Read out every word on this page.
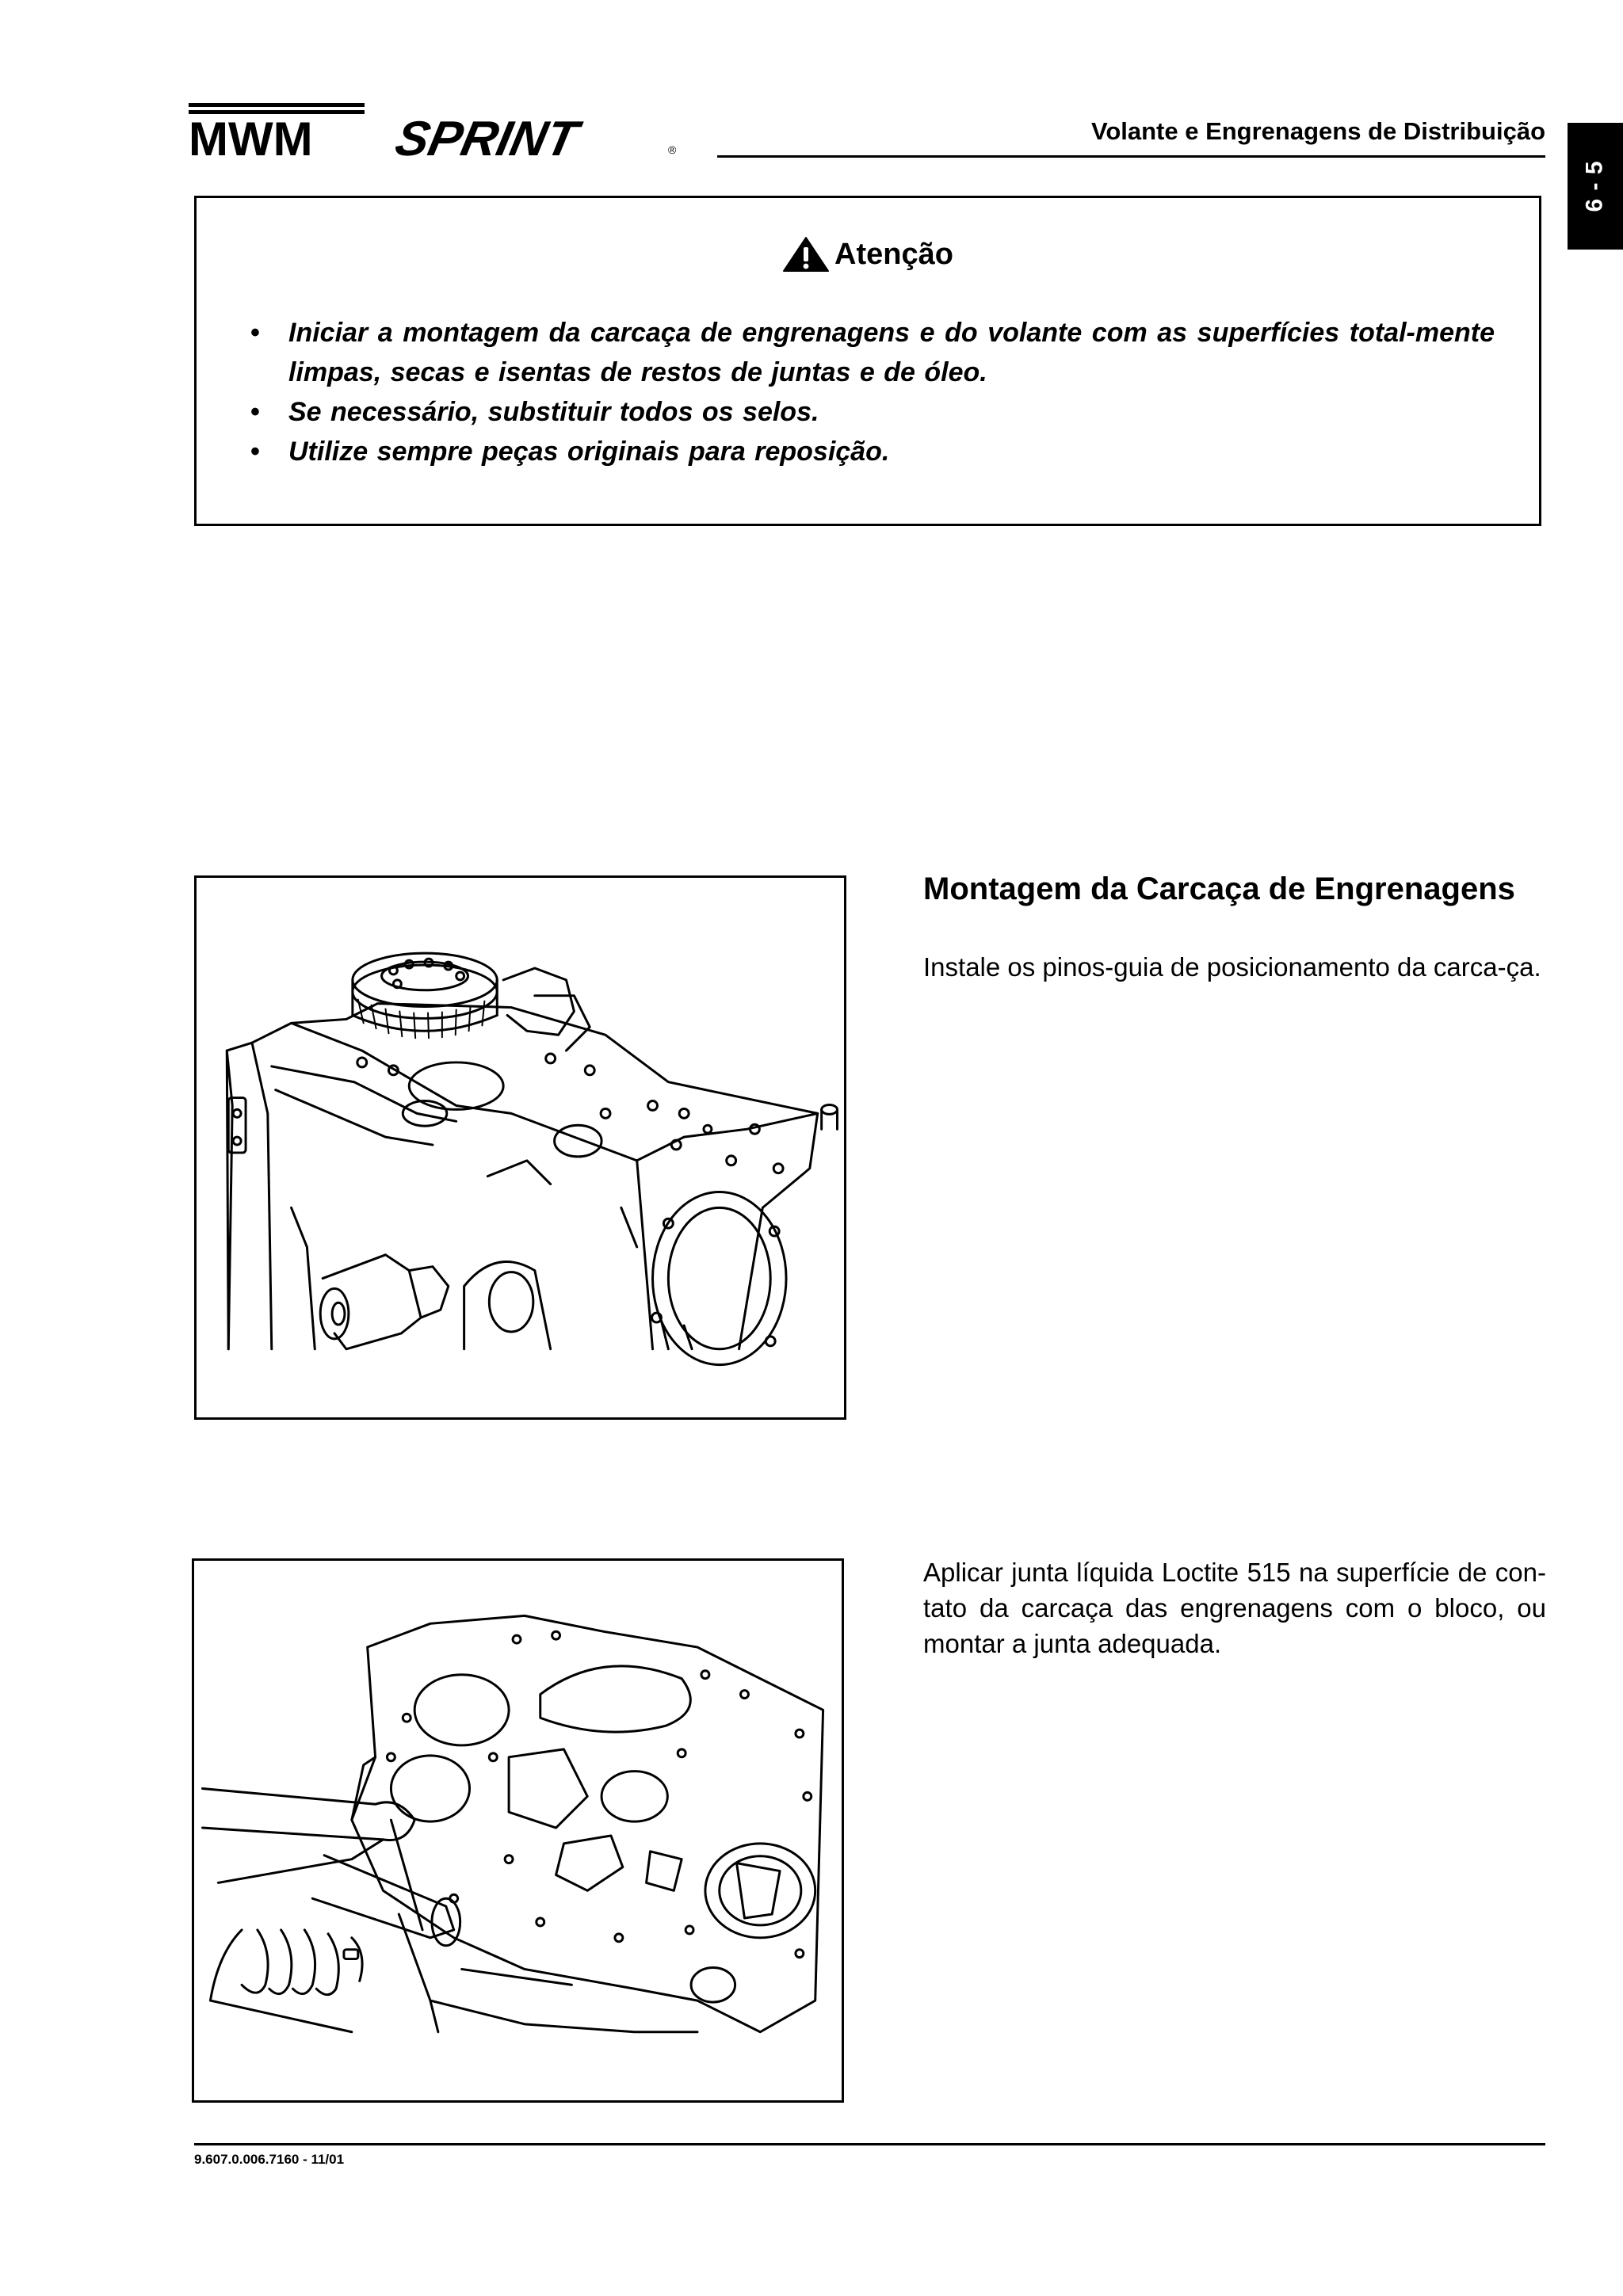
MWM SPRINT	®
Volante e Engrenagens de Distribuição
6 - 5
Atenção
• Iniciar a montagem da carcaça de engrenagens e do volante com as superfícies total-mente limpas, secas e isentas de restos de juntas e de óleo.
• Se necessário, substituir todos os selos.
• Utilize sempre peças originais para reposição.
Montagem da Carcaça de Engrenagens
Instale os pinos-guia de posicionamento da carca-ça.
Aplicar junta líquida Loctite 515 na superfície de con-tato da carcaça das engrenagens com o bloco, ou montar a junta adequada.
9.607.0.006.7160 - 11/01
